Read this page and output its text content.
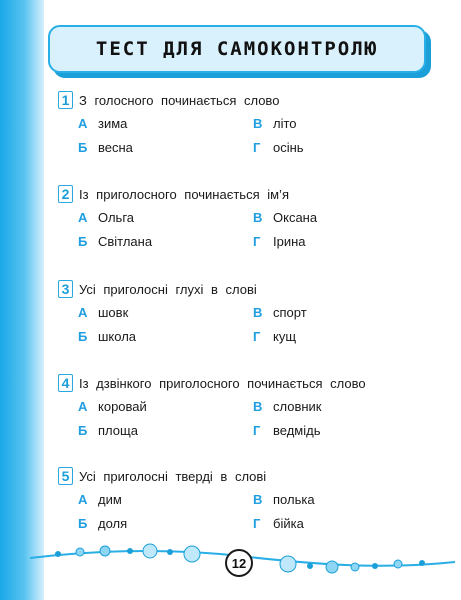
ТЕСТ ДЛЯ САМОКОНТРОЛЮ
1 З голосного починається слово
А зима
Б весна
В літо
Г осінь
2 Із приголосного починається ім’я
А Ольга
Б Світлана
В Оксана
Г Ірина
3 Усі приголосні глухі в слові
А шовк
Б школа
В спорт
Г кущ
4 Із дзвінкого приголосного починається слово
А коровай
Б площа
В словник
Г ведмідь
5 Усі приголосні тверді в слові
А дим
Б доля
В полька
Г бійка
12
